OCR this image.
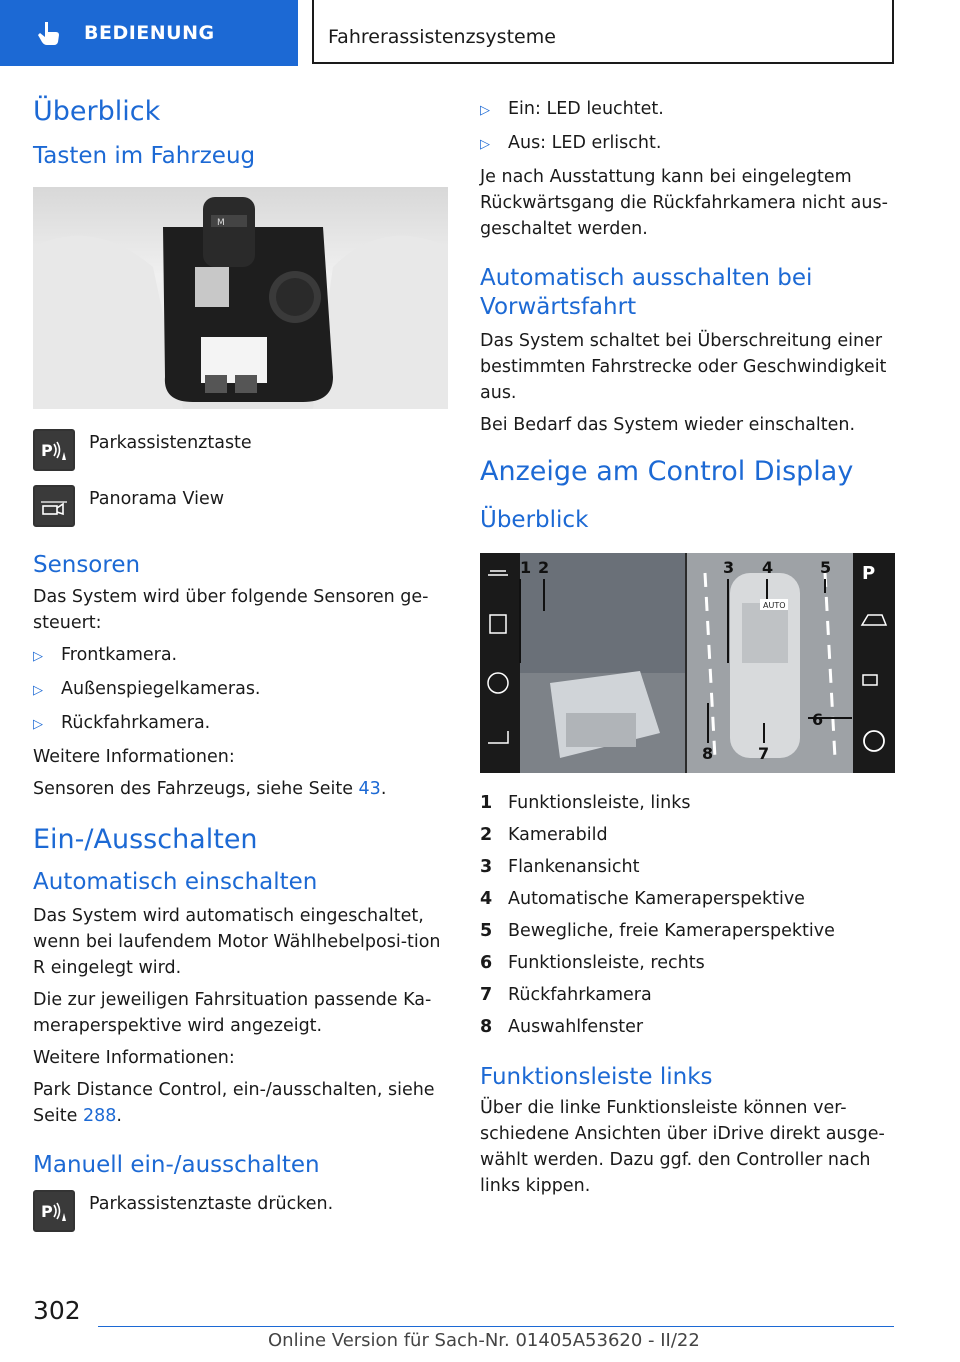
BEDIENUNG	Fahrerassistenzsysteme
Überblick
Tasten im Fahrzeug
M
P Parkassistenztaste
Panorama View
Sensoren

Das System wird über folgende Sensoren ge-steuert:

▷	Frontkamera.
▷	Außenspiegelkameras.
▷	Rückfahrkamera.

Weitere Informationen:

Sensoren des Fahrzeugs, siehe Seite 43.

Ein-/Ausschalten
Automatisch einschalten

Das System wird automatisch eingeschaltet, wenn bei laufendem Motor Wählhebelposi-tion R eingelegt wird.

Die zur jeweiligen Fahrsituation passende Ka-meraperspektive wird angezeigt.

Weitere Informationen:

Park Distance Control, ein-/ausschalten, siehe Seite 288.

Manuell ein-/ausschalten
P Parkassistenztaste drücken.
▷	Ein: LED leuchtet.
▷	Aus: LED erlischt.

Je nach Ausstattung kann bei eingelegtem Rückwärtsgang die Rückfahrkamera nicht aus-geschaltet werden.

Automatisch ausschalten bei Vorwärtsfahrt

Das System schaltet bei Überschreitung einer bestimmten Fahrstrecke oder Geschwindigkeit aus.

Bei Bedarf das System wieder einschalten.

Anzeige am Control Display
Überblick
AUTO
P
1 2	3 4	5
6
7
8
1 Funktionsleiste, links
2 Kamerabild
3 Flankenansicht
4 Automatische Kameraperspektive
5 Bewegliche, freie Kameraperspektive
6 Funktionsleiste, rechts
7 Rückfahrkamera
8 Auswahlfenster
Funktionsleiste links

Über die linke Funktionsleiste können ver-schiedene Ansichten über iDrive direkt ausge-wählt werden. Dazu ggf. den Controller nach links kippen.

302
Online Version für Sach-Nr. 01405A53620 - II/22
